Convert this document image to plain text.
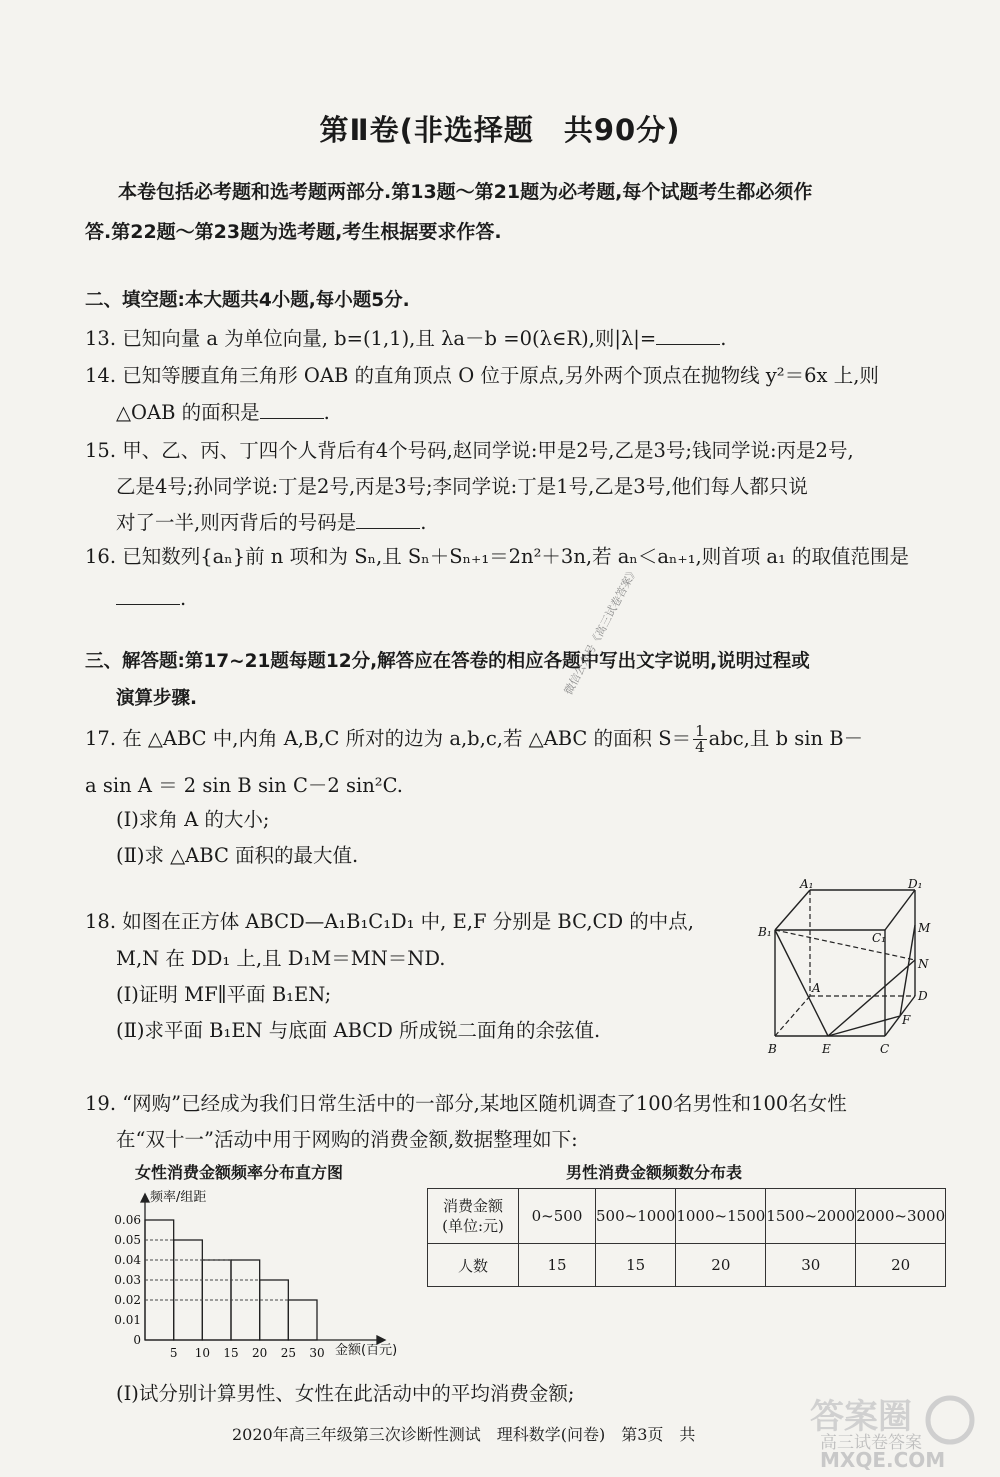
第Ⅱ卷(非选择题　共90分)
本卷包括必考题和选考题两部分.第13题～第21题为必考题,每个试题考生都必须作
答.第22题～第23题为选考题,考生根据要求作答.
二、填空题:本大题共4小题,每小题5分.
13. 已知向量 a 为单位向量, b=(1,1),且 λa－b =0(λ∈R),则|λ|=	.
14. 已知等腰直角三角形 OAB 的直角顶点 O 位于原点,另外两个顶点在抛物线 y²＝6x 上,则
△OAB 的面积是	.
15. 甲、乙、丙、丁四个人背后有4个号码,赵同学说:甲是2号,乙是3号;钱同学说:丙是2号,
乙是4号;孙同学说:丁是2号,丙是3号;李同学说:丁是1号,乙是3号,他们每人都只说
对了一半,则丙背后的号码是	.
16. 已知数列{aₙ}前 n 项和为 Sₙ,且 Sₙ＋Sₙ₊₁＝2n²＋3n,若 aₙ＜aₙ₊₁,则首项 a₁ 的取值范围是
.
三、解答题:第17~21题每题12分,解答应在答卷的相应各题中写出文字说明,说明过程或
演算步骤.
17. 在 △ABC 中,内角 A,B,C 所对的边为 a,b,c,若 △ABC 的面积 $S= \frac{1}{4}$ abc,且 b sin B－
a sin A ＝ 2 sin B sin C－2 sin²C.
(Ⅰ)求角 A 的大小;
(Ⅱ)求 △ABC 面积的最大值.
微信公众号《高三试卷答案》
18. 如图在正方体 ABCD—A₁B₁C₁D₁ 中, E,F 分别是 BC,CD 的中点,
M,N 在 DD₁ 上,且 D₁M＝MN＝ND.
(Ⅰ)证明 MF∥平面 B₁EN;
(Ⅱ)求平面 B₁EN 与底面 ABCD 所成锐二面角的余弦值.
A₁	D₁
B₁	C₁
M
N
A
D
F
B	E	C
19. “网购”已经成为我们日常生活中的一部分,某地区随机调查了100名男性和100名女性
在“双十一”活动中用于网购的消费金额,数据整理如下:
女性消费金额频率分布直方图
0
0.01
0.02
0.03
0.04
0.05
0.06
5 10 15 20 25 30
频率/组距
金额(百元)
男性消费金额频数分布表
消费金额
(单位:元)	0~500	500~1000	1000~1500	1500~2000	2000~3000
人数	15	15	20	30	20
(Ⅰ)试分别计算男性、女性在此活动中的平均消费金额;
2020年高三年级第三次诊断性测试　理科数学(问卷)　第3页　共	答案圈
高三试卷答案
MXQE.COM
